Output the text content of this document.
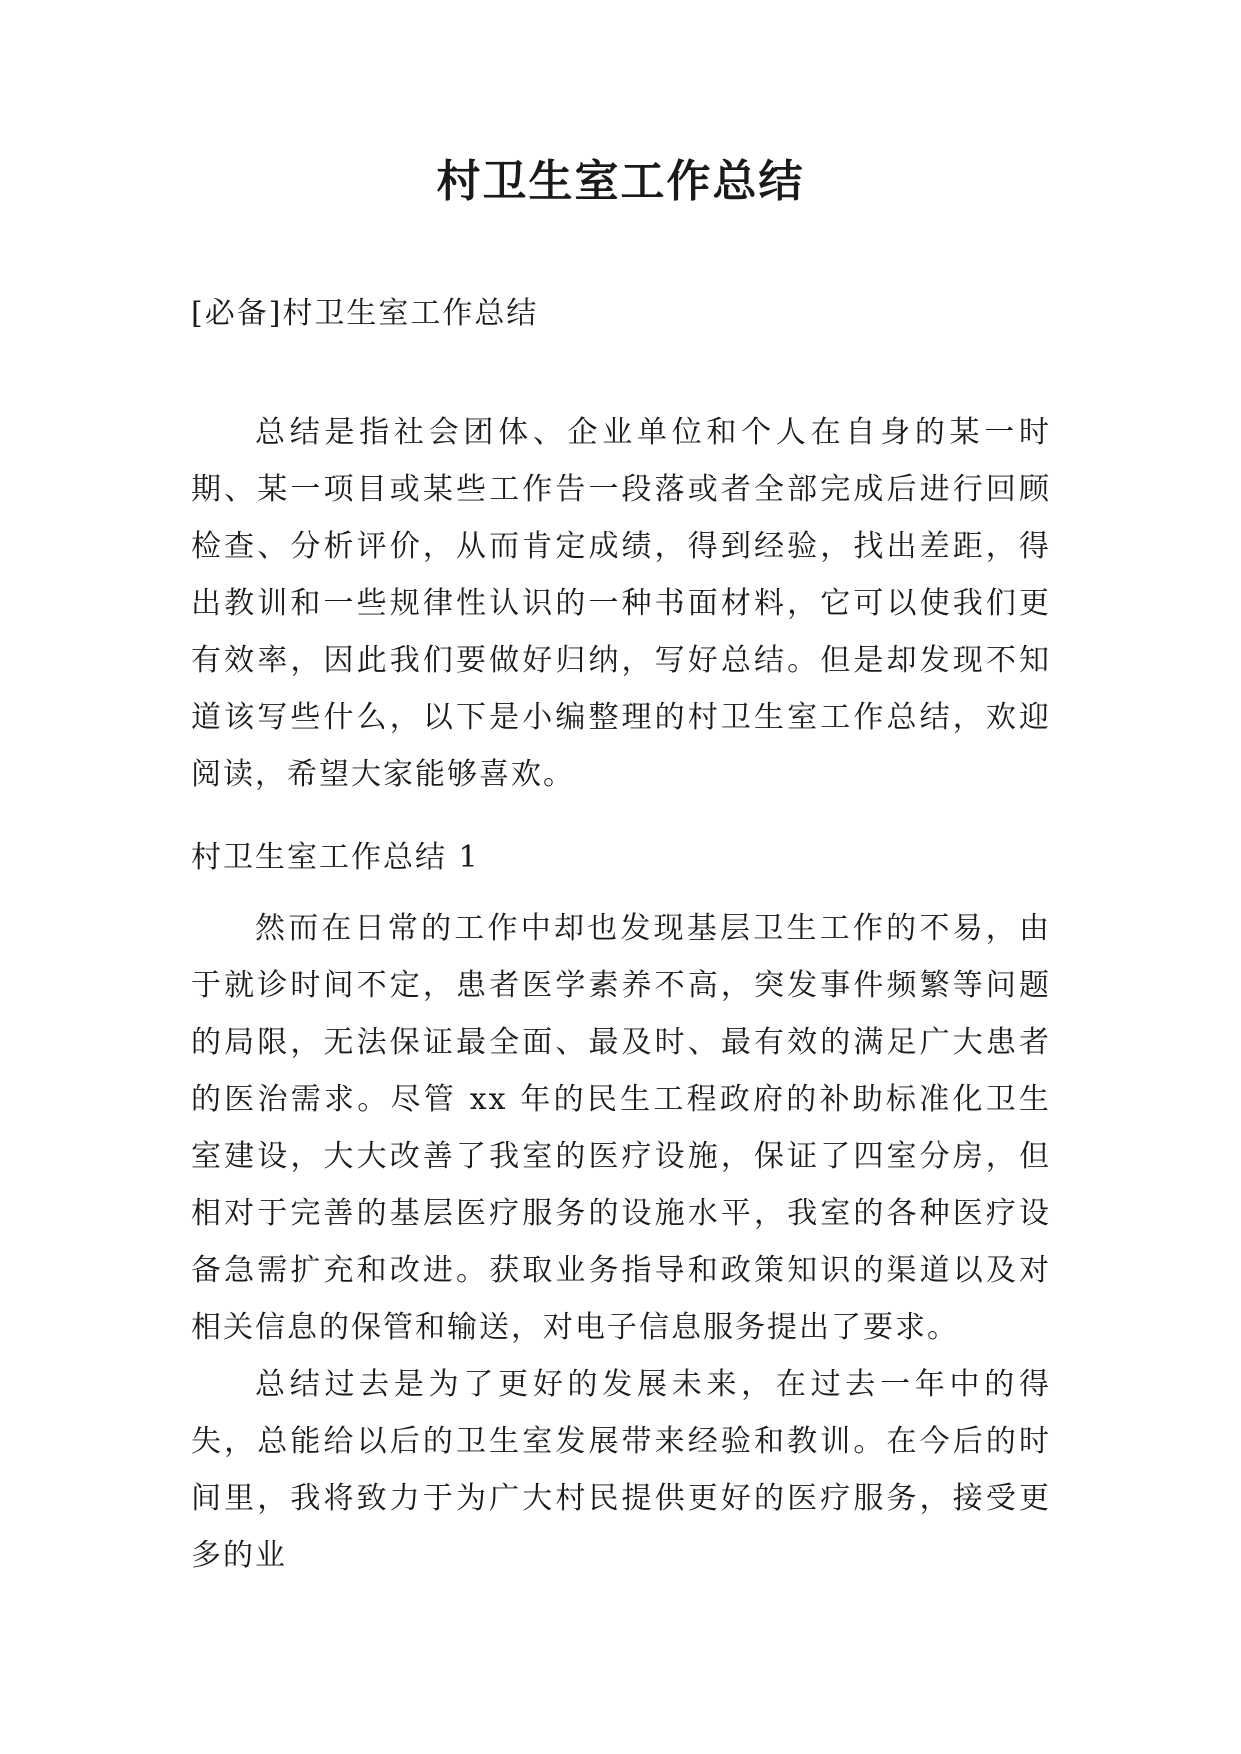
村卫生室工作总结
[必备]村卫生室工作总结

总结是指社会团体、企业单位和个人在自身的某一时期、某一项目或某些工作告一段落或者全部完成后进行回顾检查、分析评价，从而肯定成绩，得到经验，找出差距，得出教训和一些规律性认识的一种书面材料，它可以使我们更有效率，因此我们要做好归纳，写好总结。但是却发现不知道该写些什么，以下是小编整理的村卫生室工作总结，欢迎阅读，希望大家能够喜欢。

村卫生室工作总结 1

然而在日常的工作中却也发现基层卫生工作的不易，由于就诊时间不定，患者医学素养不高，突发事件频繁等问题的局限，无法保证最全面、最及时、最有效的满足广大患者的医治需求。尽管 xx 年的民生工程政府的补助标准化卫生室建设，大大改善了我室的医疗设施，保证了四室分房，但相对于完善的基层医疗服务的设施水平，我室的各种医疗设备急需扩充和改进。获取业务指导和政策知识的渠道以及对相关信息的保管和输送，对电子信息服务提出了要求。

总结过去是为了更好的发展未来，在过去一年中的得失，总能给以后的卫生室发展带来经验和教训。在今后的时间里，我将致力于为广大村民提供更好的医疗服务，接受更多的业
